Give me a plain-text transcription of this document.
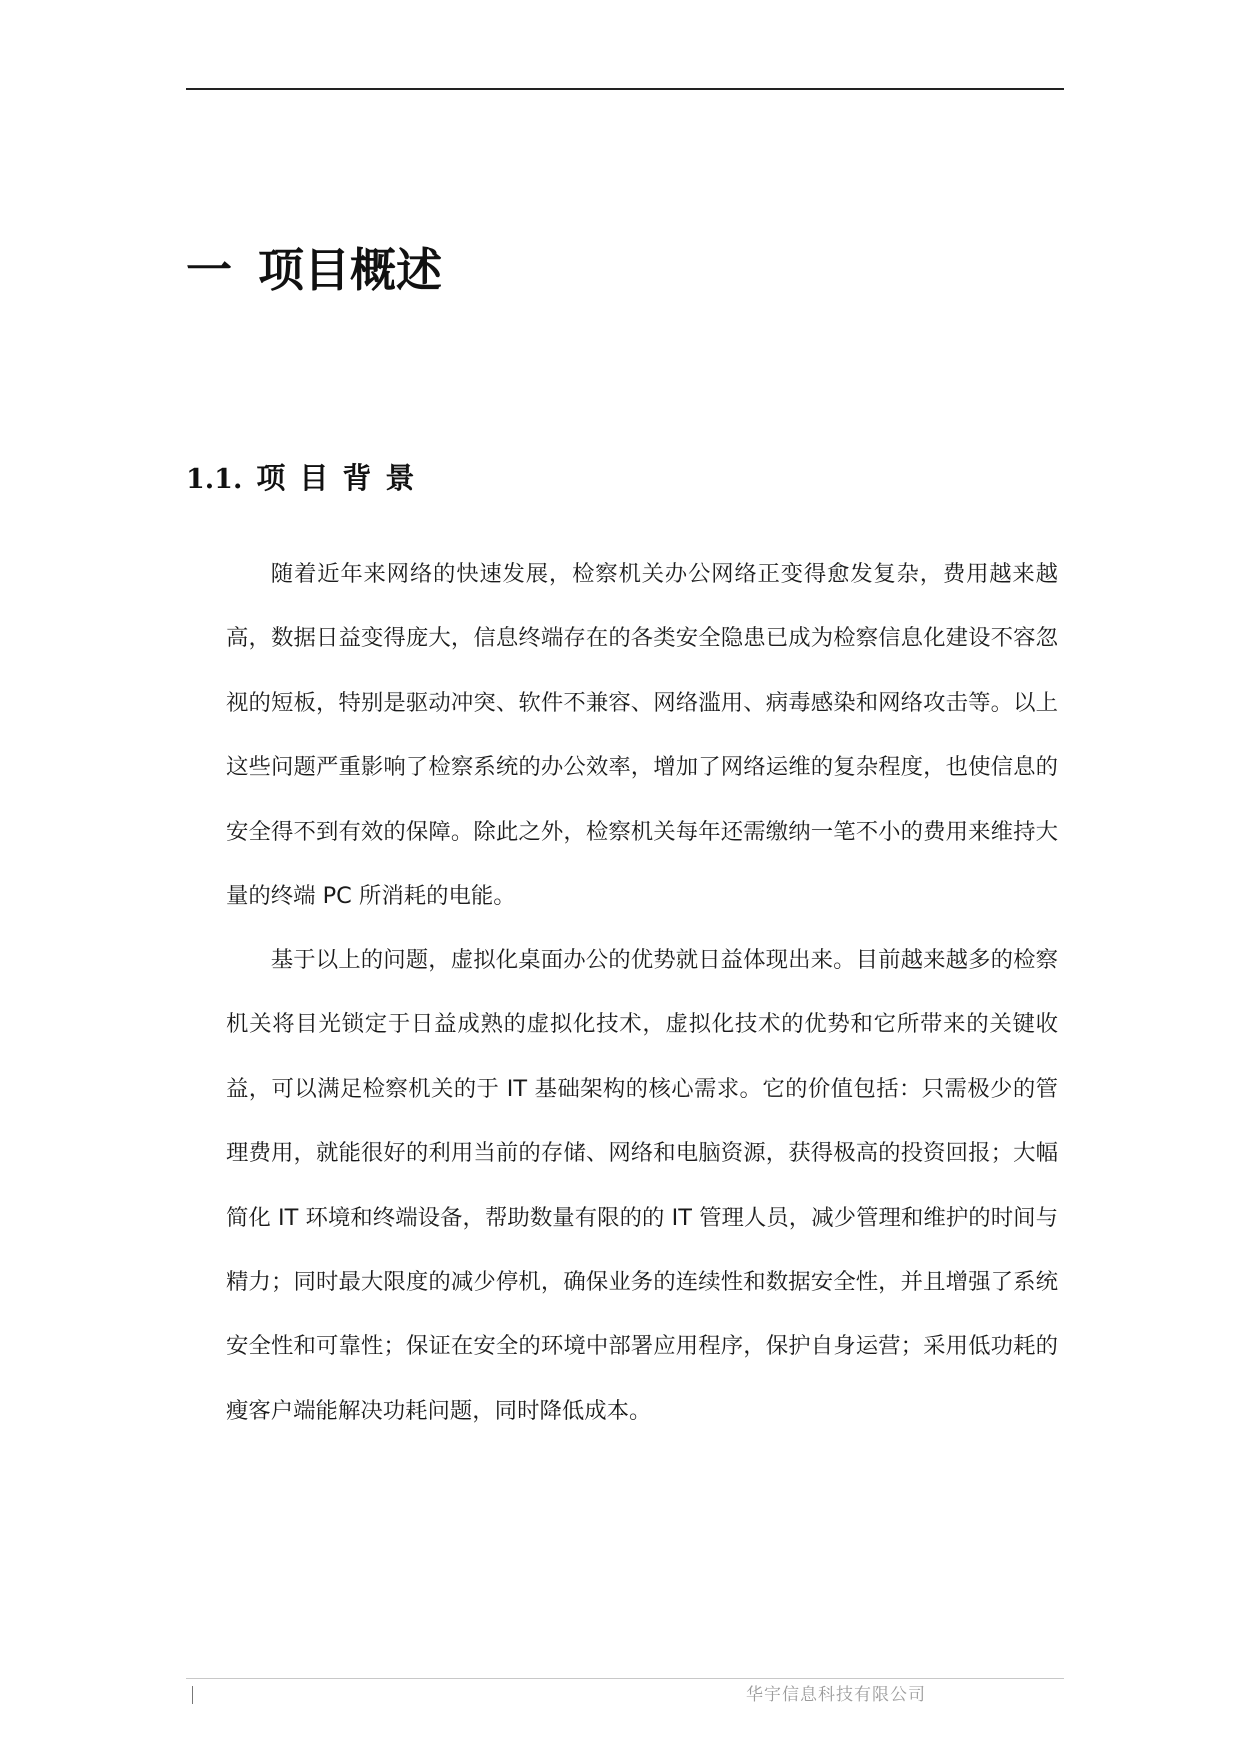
一 项目概述
1.1. 项目背景

随着近年来网络的快速发展，检察机关办公网络正变得愈发复杂，费用越来越高，数据日益变得庞大，信息终端存在的各类安全隐患已成为检察信息化建设不容忽视的短板，特别是驱动冲突、软件不兼容、网络滥用、病毒感染和网络攻击等。以上这些问题严重影响了检察系统的办公效率，增加了网络运维的复杂程度，也使信息的安全得不到有效的保障。除此之外，检察机关每年还需缴纳一笔不小的费用来维持大量的终端 PC 所消耗的电能。

基于以上的问题，虚拟化桌面办公的优势就日益体现出来。目前越来越多的检察机关将目光锁定于日益成熟的虚拟化技术，虚拟化技术的优势和它所带来的关键收益，可以满足检察机关的于 IT 基础架构的核心需求。它的价值包括：只需极少的管理费用，就能很好的利用当前的存储、网络和电脑资源，获得极高的投资回报；大幅简化 IT 环境和终端设备，帮助数量有限的的 IT 管理人员，减少管理和维护的时间与精力；同时最大限度的减少停机，确保业务的连续性和数据安全性，并且增强了系统安全性和可靠性；保证在安全的环境中部署应用程序，保护自身运营；采用低功耗的瘦客户端能解决功耗问题，同时降低成本。

华宇信息科技有限公司
